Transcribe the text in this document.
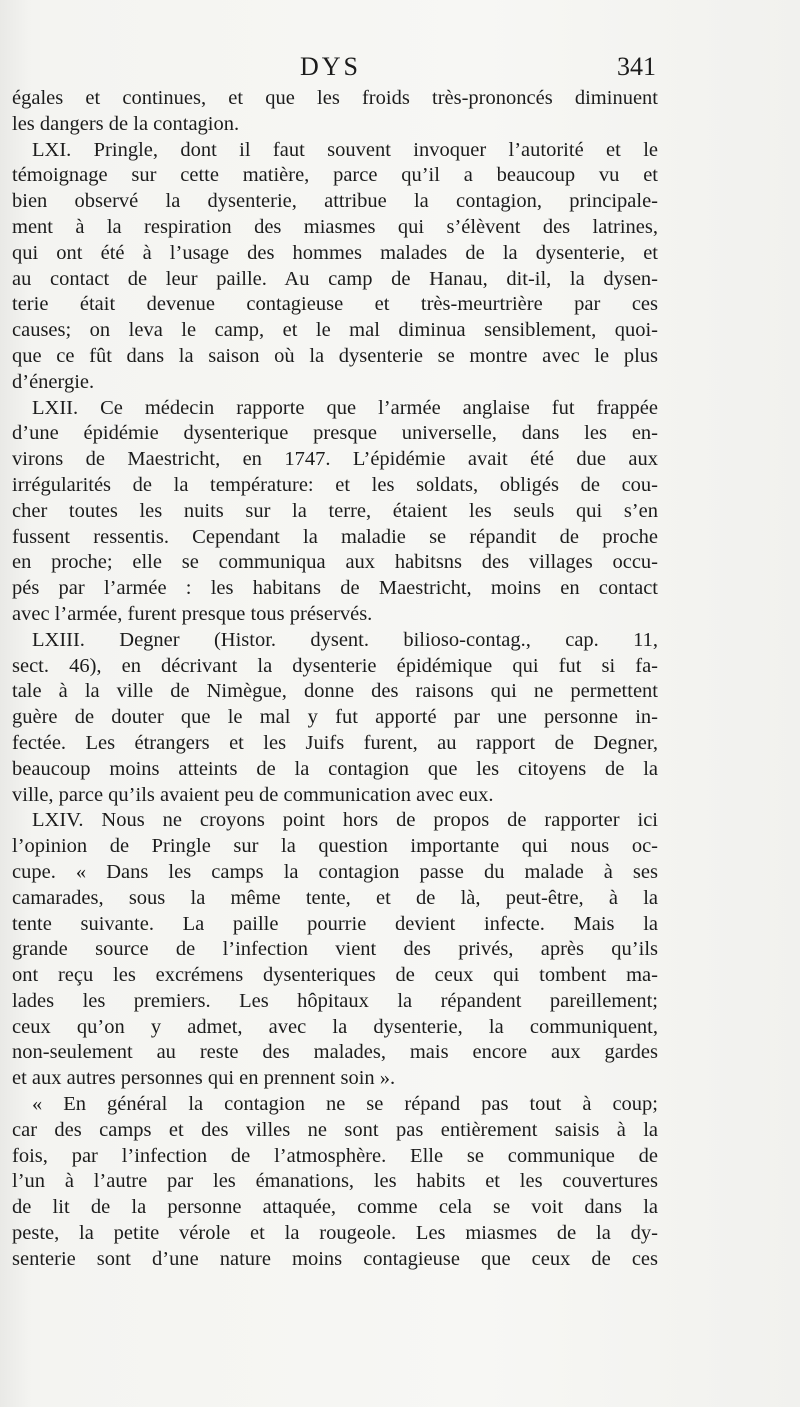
DYS	341
égales et continues, et que les froids très-prononcés diminuent
les dangers de la contagion.
LXI. Pringle, dont il faut souvent invoquer l’autorité et le
témoignage sur cette matière, parce qu’il a beaucoup vu et
bien observé la dysenterie, attribue la contagion, principale-
ment à la respiration des miasmes qui s’élèvent des latrines,
qui ont été à l’usage des hommes malades de la dysenterie, et
au contact de leur paille. Au camp de Hanau, dit-il, la dysen-
terie était devenue contagieuse et très-meurtrière par ces
causes; on leva le camp, et le mal diminua sensiblement, quoi-
que ce fût dans la saison où la dysenterie se montre avec le plus
d’énergie.
LXII. Ce médecin rapporte que l’armée anglaise fut frappée
d’une épidémie dysenterique presque universelle, dans les en-
virons de Maestricht, en 1747. L’épidémie avait été due aux
irrégularités de la température: et les soldats, obligés de cou-
cher toutes les nuits sur la terre, étaient les seuls qui s’en
fussent ressentis. Cependant la maladie se répandit de proche
en proche; elle se communiqua aux habitsns des villages occu-
pés par l’armée : les habitans de Maestricht, moins en contact
avec l’armée, furent presque tous préservés.
LXIII. Degner (Histor. dysent. bilioso-contag., cap. 11,
sect. 46), en décrivant la dysenterie épidémique qui fut si fa-
tale à la ville de Nimègue, donne des raisons qui ne permettent
guère de douter que le mal y fut apporté par une personne in-
fectée. Les étrangers et les Juifs furent, au rapport de Degner,
beaucoup moins atteints de la contagion que les citoyens de la
ville, parce qu’ils avaient peu de communication avec eux.
LXIV. Nous ne croyons point hors de propos de rapporter ici
l’opinion de Pringle sur la question importante qui nous oc-
cupe. « Dans les camps la contagion passe du malade à ses
camarades, sous la même tente, et de là, peut-être, à la
tente suivante. La paille pourrie devient infecte. Mais la
grande source de l’infection vient des privés, après qu’ils
ont reçu les excrémens dysenteriques de ceux qui tombent ma-
lades les premiers. Les hôpitaux la répandent pareillement;
ceux qu’on y admet, avec la dysenterie, la communiquent,
non-seulement au reste des malades, mais encore aux gardes
et aux autres personnes qui en prennent soin ».
« En général la contagion ne se répand pas tout à coup;
car des camps et des villes ne sont pas entièrement saisis à la
fois, par l’infection de l’atmosphère. Elle se communique de
l’un à l’autre par les émanations, les habits et les couvertures
de lit de la personne attaquée, comme cela se voit dans la
peste, la petite vérole et la rougeole. Les miasmes de la dy-
senterie sont d’une nature moins contagieuse que ceux de ces
